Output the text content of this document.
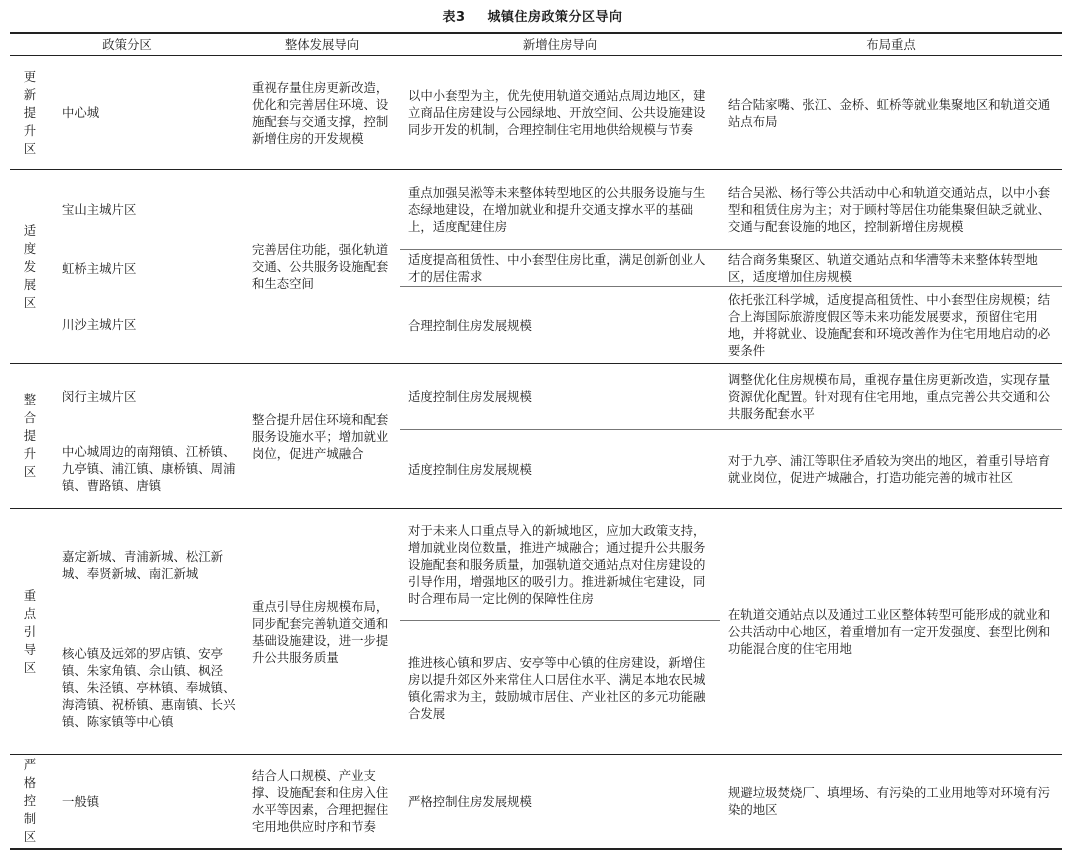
表3 城镇住房政策分区导向
政策分区		整体发展导向	新增住房导向	布局重点
更新提升区	中心城	重视存量住房更新改造，优化和完善居住环境、设施配套与交通支撑，控制新增住房的开发规模	以中小套型为主，优先使用轨道交通站点周边地区，建立商品住房建设与公园绿地、开放空间、公共设施建设同步开发的机制，合理控制住宅用地供给规模与节奏	结合陆家嘴、张江、金桥、虹桥等就业集聚地区和轨道交通站点布局
适度发展区	宝山主城片区	完善居住功能，强化轨道交通、公共服务设施配套和生态空间	重点加强吴淞等未来整体转型地区的公共服务设施与生态绿地建设，在增加就业和提升交通支撑水平的基础上，适度配建住房	结合吴淞、杨行等公共活动中心和轨道交通站点，以中小套型和租赁住房为主；对于顾村等居住功能集聚但缺乏就业、交通与配套设施的地区，控制新增住房规模
	虹桥主城片区		适度提高租赁性、中小套型住房比重，满足创新创业人才的居住需求	结合商务集聚区、轨道交通站点和华漕等未来整体转型地区，适度增加住房规模
	川沙主城片区		合理控制住房发展规模	依托张江科学城，适度提高租赁性、中小套型住房规模；结合上海国际旅游度假区等未来功能发展要求，预留住宅用地，并将就业、设施配套和环境改善作为住宅用地启动的必要条件
整合提升区	闵行主城片区	整合提升居住环境和配套服务设施水平；增加就业岗位，促进产城融合	适度控制住房发展规模	调整优化住房规模布局，重视存量住房更新改造，实现存量资源优化配置。针对现有住宅用地，重点完善公共交通和公共服务配套水平
	中心城周边的南翔镇、江桥镇、九亭镇、浦江镇、康桥镇、周浦镇、曹路镇、唐镇		适度控制住房发展规模	对于九亭、浦江等职住矛盾较为突出的地区，着重引导培育就业岗位，促进产城融合，打造功能完善的城市社区
重点引导区	嘉定新城、青浦新城、松江新城、奉贤新城、南汇新城	重点引导住房规模布局，同步配套完善轨道交通和基础设施建设，进一步提升公共服务质量	对于未来人口重点导入的新城地区，应加大政策支持，增加就业岗位数量，推进产城融合；通过提升公共服务设施配套和服务质量，加强轨道交通站点对住房建设的引导作用，增强地区的吸引力。推进新城住宅建设，同时合理布局一定比例的保障性住房	在轨道交通站点以及通过工业区整体转型可能形成的就业和公共活动中心地区，着重增加有一定开发强度、套型比例和功能混合度的住宅用地
	核心镇及远郊的罗店镇、安亭镇、朱家角镇、佘山镇、枫泾镇、朱泾镇、亭林镇、奉城镇、海湾镇、祝桥镇、惠南镇、长兴镇、陈家镇等中心镇		推进核心镇和罗店、安亭等中心镇的住房建设，新增住房以提升郊区外来常住人口居住水平、满足本地农民城镇化需求为主，鼓励城市居住、产业社区的多元功能融合发展	
严格控制区	一般镇	结合人口规模、产业支撑、设施配套和住房入住水平等因素，合理把握住宅用地供应时序和节奏	严格控制住房发展规模	规避垃圾焚烧厂、填埋场、有污染的工业用地等对环境有污染的地区
